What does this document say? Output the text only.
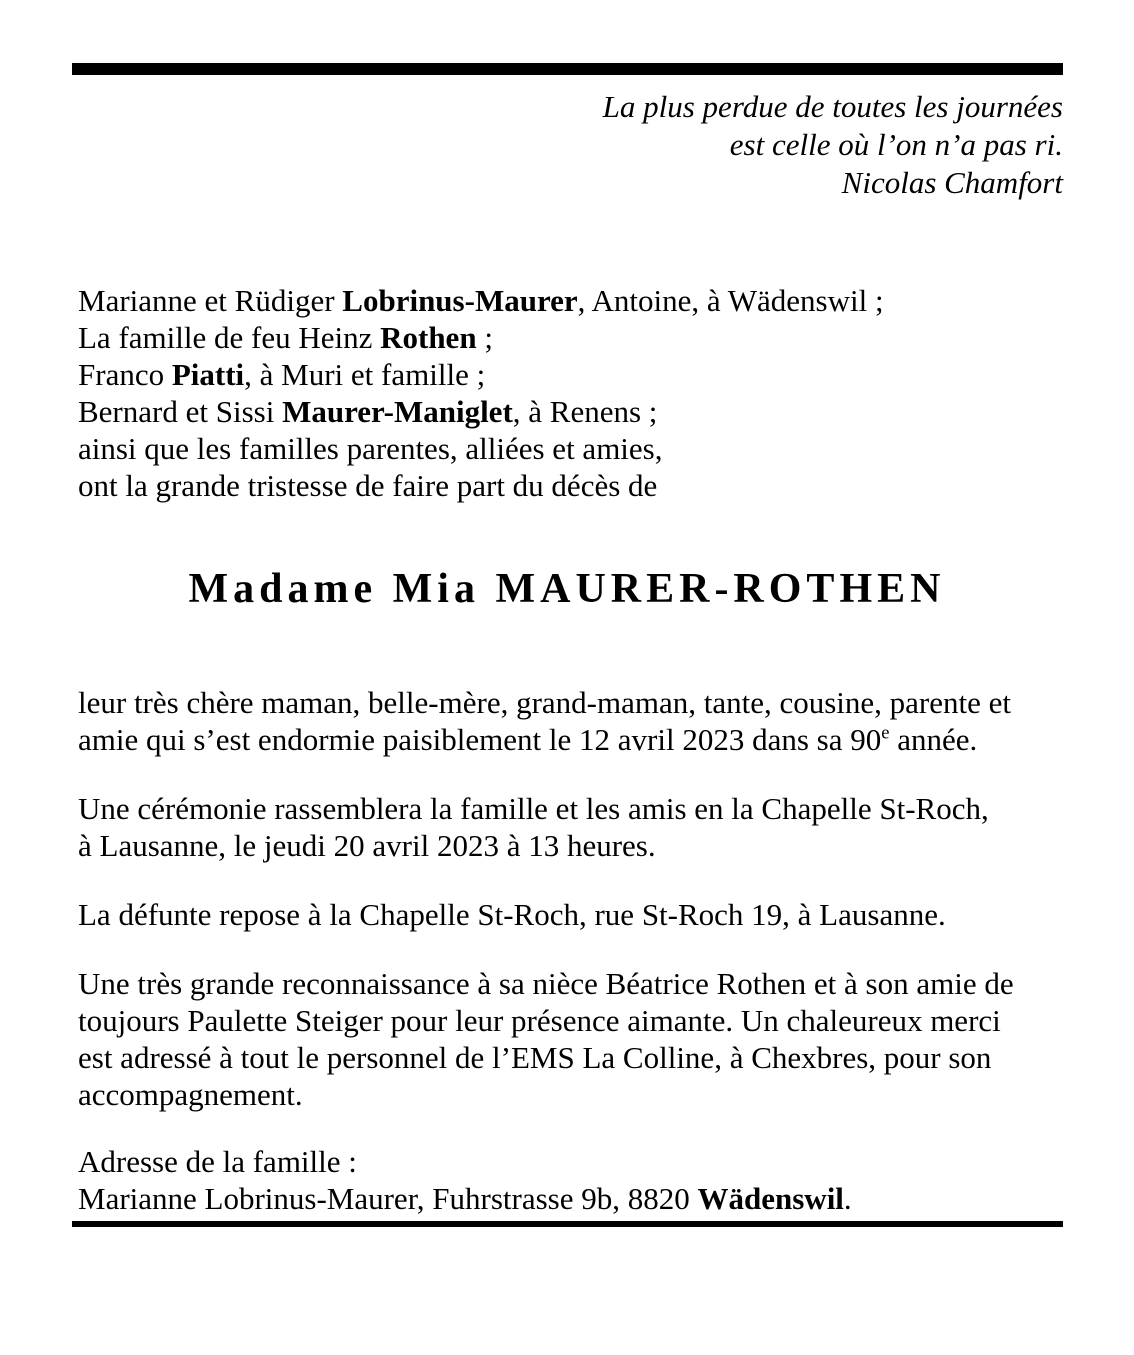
La plus perdue de toutes les journées
est celle où l’on n’a pas ri.
Nicolas Chamfort
Marianne et Rüdiger Lobrinus-Maurer, Antoine, à Wädenswil ;
La famille de feu Heinz Rothen ;
Franco Piatti, à Muri et famille ;
Bernard et Sissi Maurer-Maniglet, à Renens ;
ainsi que les familles parentes, alliées et amies,
ont la grande tristesse de faire part du décès de
Madame Mia MAURER-ROTHEN
leur très chère maman, belle-mère, grand-maman, tante, cousine, parente et
amie qui s’est endormie paisiblement le 12 avril 2023 dans sa 90e année.
Une cérémonie rassemblera la famille et les amis en la Chapelle St-Roch,
à Lausanne, le jeudi 20 avril 2023 à 13 heures.
La défunte repose à la Chapelle St-Roch, rue St-Roch 19, à Lausanne.
Une très grande reconnaissance à sa nièce Béatrice Rothen et à son amie de
toujours Paulette Steiger pour leur présence aimante. Un chaleureux merci
est adressé à tout le personnel de l’EMS La Colline, à Chexbres, pour son
accompagnement.
Adresse de la famille :
Marianne Lobrinus-Maurer, Fuhrstrasse 9b, 8820 Wädenswil.
